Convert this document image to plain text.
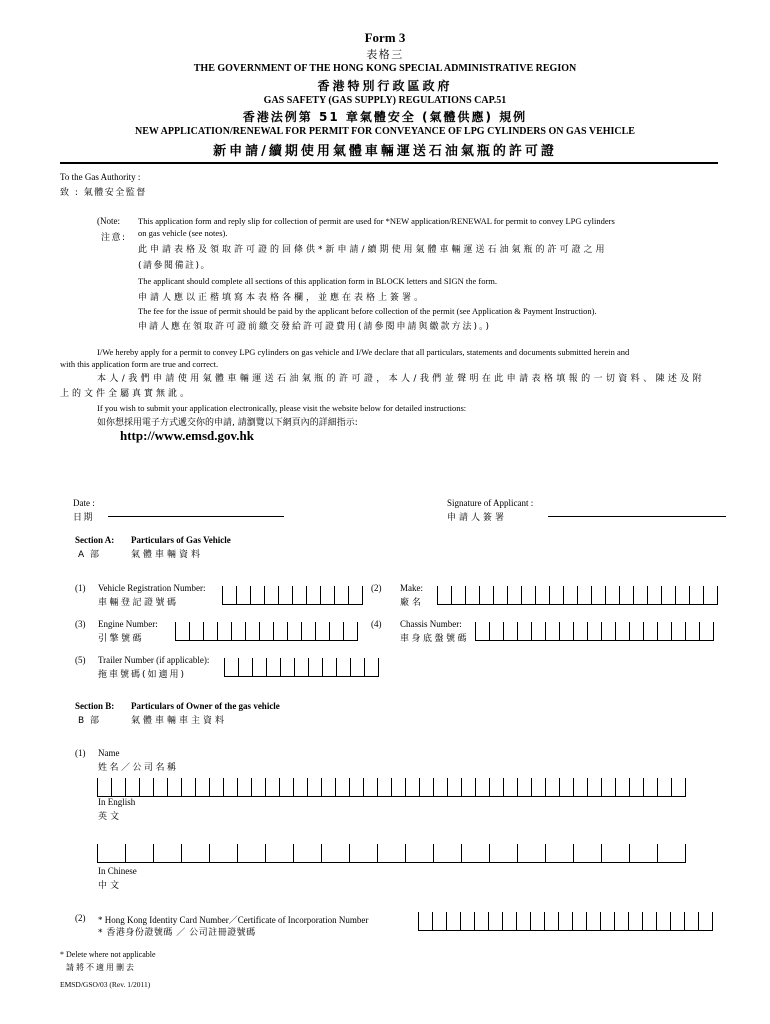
Form 3
表格三
THE GOVERNMENT OF THE HONG KONG SPECIAL ADMINISTRATIVE REGION
香港特別行政區政府
GAS SAFETY (GAS SUPPLY) REGULATIONS CAP.51
香港法例第 51 章氣體安全 (氣體供應) 規例
NEW APPLICATION/RENEWAL FOR PERMIT FOR CONVEYANCE OF LPG CYLINDERS ON GAS VEHICLE
新申請/續期使用氣體車輛運送石油氣瓶的許可證
To the Gas Authority :
致 : 氣體安全監督
(Note:
注意:
This application form and reply slip for collection of permit are used for *NEW application/RENEWAL for permit to convey LPG cylinders
on gas vehicle (see notes).
此申請表格及領取許可證的回條供*新申請/續期使用氣體車輛運送石油氣瓶的許可證之用
(請參閱備註)。
The applicant should complete all sections of this application form in BLOCK letters and SIGN the form.
申請人應以正楷填寫本表格各欄，並應在表格上簽署。
The fee for the issue of permit should be paid by the applicant before collection of the permit (see Application & Payment Instruction).
申請人應在領取許可證前繳交發給許可證費用(請參閱申請與繳款方法)。)
I/We hereby apply for a permit to convey LPG cylinders on gas vehicle and I/We declare that all particulars, statements and documents submitted herein and
with this application form are true and correct.
本人/我們申請使用氣體車輛運送石油氣瓶的許可證，本人/我們並聲明在此申請表格填報的一切資料、陳述及附
上的文件全屬真實無訛。
If you wish to submit your application electronically, please visit the website below for detailed instructions:
如你想採用電子方式遞交你的申請, 請瀏覽以下網頁內的詳細指示:
http://www.emsd.gov.hk
Date :
日期
Signature of Applicant :
申請人簽署
Section A:
A 部
Particulars of Gas Vehicle
氣體車輛資料
(1) Vehicle Registration Number:
車輛登記證號碼
(2) Make:
廠名
(3) Engine Number:
引擎號碼
(4) Chassis Number:
車身底盤號碼
(5) Trailer Number (if applicable):
拖車號碼(如適用)
Section B:
B 部
Particulars of Owner of the gas vehicle
氣體車輛車主資料
(1) Name
姓名／公司名稱
In English
英文
In Chinese
中文
(2) * Hong Kong Identity Card Number／Certificate of Incorporation Number
* 香港身份證號碼 ／ 公司註冊證號碼
* Delete where not applicable
請將不適用刪去
EMSD/GSO/03 (Rev. 1/2011)
